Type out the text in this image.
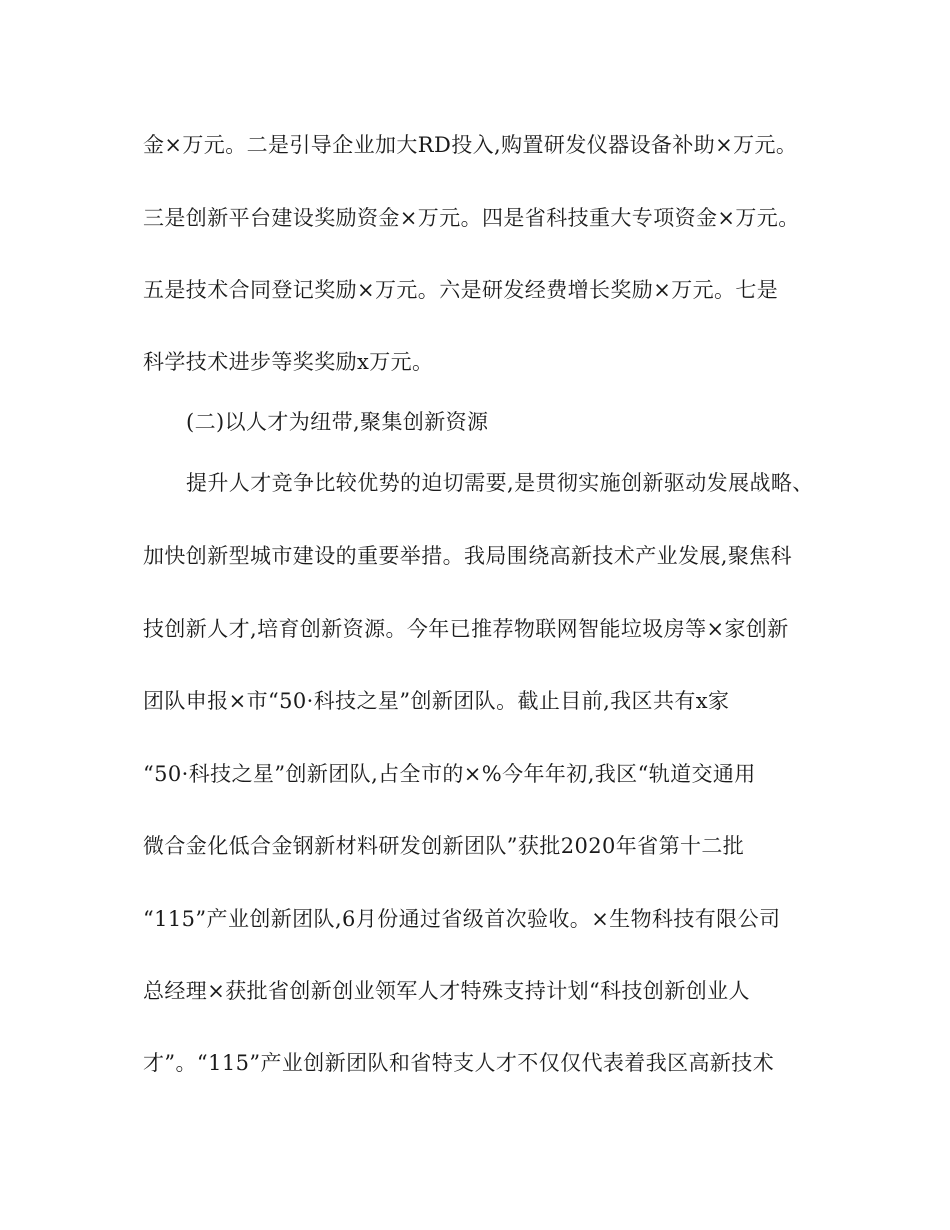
金×万元。二是引导企业加大RD投入,购置研发仪器设备补助×万元。
三是创新平台建设奖励资金×万元。四是省科技重大专项资金×万元。
五是技术合同登记奖励×万元。六是研发经费增长奖励×万元。七是
科学技术进步等奖奖励x万元。
(二)以人才为纽带,聚集创新资源
提升人才竞争比较优势的迫切需要,是贯彻实施创新驱动发展战略、
加快创新型城市建设的重要举措。我局围绕高新技术产业发展,聚焦科
技创新人才,培育创新资源。今年已推荐物联网智能垃圾房等×家创新
团队申报×市“50·科技之星”创新团队。截止目前,我区共有x家
“50·科技之星”创新团队,占全市的×%今年年初,我区“轨道交通用
微合金化低合金钢新材料研发创新团队”获批2020年省第十二批
“115”产业创新团队,6月份通过省级首次验收。×生物科技有限公司
总经理×获批省创新创业领军人才特殊支持计划“科技创新创业人
才”。“115”产业创新团队和省特支人才不仅仅代表着我区高新技术
